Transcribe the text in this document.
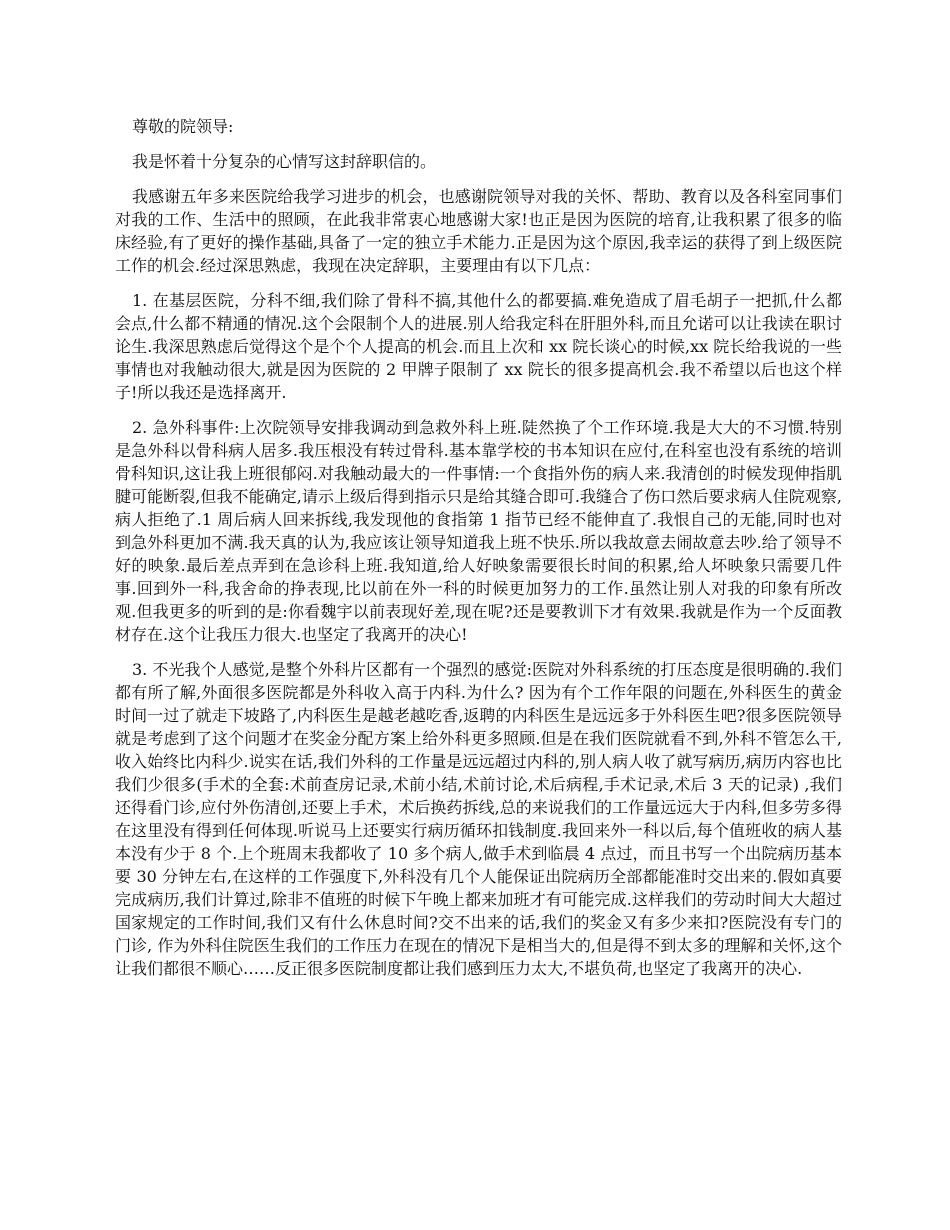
尊敬的院领导:

我是怀着十分复杂的心情写这封辞职信的。

我感谢五年多来医院给我学习进步的机会，也感谢院领导对我的关怀、帮助、教育以及各科室同事们对我的工作、生活中的照顾，在此我非常衷心地感谢大家!也正是因为医院的培育,让我积累了很多的临床经验,有了更好的操作基础,具备了一定的独立手术能力.正是因为这个原因,我幸运的获得了到上级医院工作的机会.经过深思熟虑，我现在决定辞职，主要理由有以下几点：

1. 在基层医院，分科不细,我们除了骨科不搞,其他什么的都要搞.难免造成了眉毛胡子一把抓,什么都会点,什么都不精通的情况.这个会限制个人的进展.别人给我定科在肝胆外科,而且允诺可以让我读在职讨论生.我深思熟虑后觉得这个是个个人提高的机会.而且上次和 xx 院长谈心的时候,xx 院长给我说的一些事情也对我触动很大,就是因为医院的 2 甲牌子限制了 xx 院长的很多提高机会.我不希望以后也这个样子!所以我还是选择离开.

2. 急外科事件:上次院领导安排我调动到急救外科上班.陡然换了个工作环境.我是大大的不习惯.特别是急外科以骨科病人居多.我压根没有转过骨科.基本靠学校的书本知识在应付,在科室也没有系统的培训骨科知识,这让我上班很郁闷.对我触动最大的一件事情:一个食指外伤的病人来.我清创的时候发现伸指肌腱可能断裂,但我不能确定,请示上级后得到指示只是给其缝合即可.我缝合了伤口然后要求病人住院观察,病人拒绝了.1 周后病人回来拆线,我发现他的食指第 1 指节已经不能伸直了.我恨自己的无能,同时也对到急外科更加不满.我天真的认为,我应该让领导知道我上班不快乐.所以我故意去闹故意去吵.给了领导不好的映象.最后差点弄到在急诊科上班.我知道,给人好映象需要很长时间的积累,给人坏映象只需要几件事.回到外一科,我舍命的挣表现,比以前在外一科的时候更加努力的工作.虽然让别人对我的印象有所改观.但我更多的听到的是:你看魏宇以前表现好差,现在呢?还是要教训下才有效果.我就是作为一个反面教材存在.这个让我压力很大.也坚定了我离开的决心!

3. 不光我个人感觉,是整个外科片区都有一个强烈的感觉:医院对外科系统的打压态度是很明确的.我们都有所了解,外面很多医院都是外科收入高于内科.为什么? 因为有个工作年限的问题在,外科医生的黄金时间一过了就走下坡路了,内科医生是越老越吃香,返聘的内科医生是远远多于外科医生吧?很多医院领导就是考虑到了这个问题才在奖金分配方案上给外科更多照顾.但是在我们医院就看不到,外科不管怎么干,收入始终比内科少.说实在话,我们外科的工作量是远远超过内科的,别人病人收了就写病历,病历内容也比我们少很多(手术的全套:术前查房记录,术前小结,术前讨论,术后病程,手术记录,术后 3 天的记录) ,我们还得看门诊,应付外伤清创,还要上手术，术后换药拆线,总的来说我们的工作量远远大于内科,但多劳多得在这里没有得到任何体现.听说马上还要实行病历循环扣钱制度.我回来外一科以后,每个值班收的病人基本没有少于 8 个.上个班周末我都收了 10 多个病人,做手术到临晨 4 点过，而且书写一个出院病历基本要 30 分钟左右,在这样的工作强度下,外科没有几个人能保证出院病历全部都能准时交出来的.假如真要完成病历,我们计算过,除非不值班的时候下午晚上都来加班才有可能完成.这样我们的劳动时间大大超过国家规定的工作时间,我们又有什么休息时间?交不出来的话,我们的奖金又有多少来扣?医院没有专门的门诊, 作为外科住院医生我们的工作压力在现在的情况下是相当大的,但是得不到太多的理解和关怀,这个让我们都很不顺心……反正很多医院制度都让我们感到压力太大,不堪负荷,也坚定了我离开的决心.
